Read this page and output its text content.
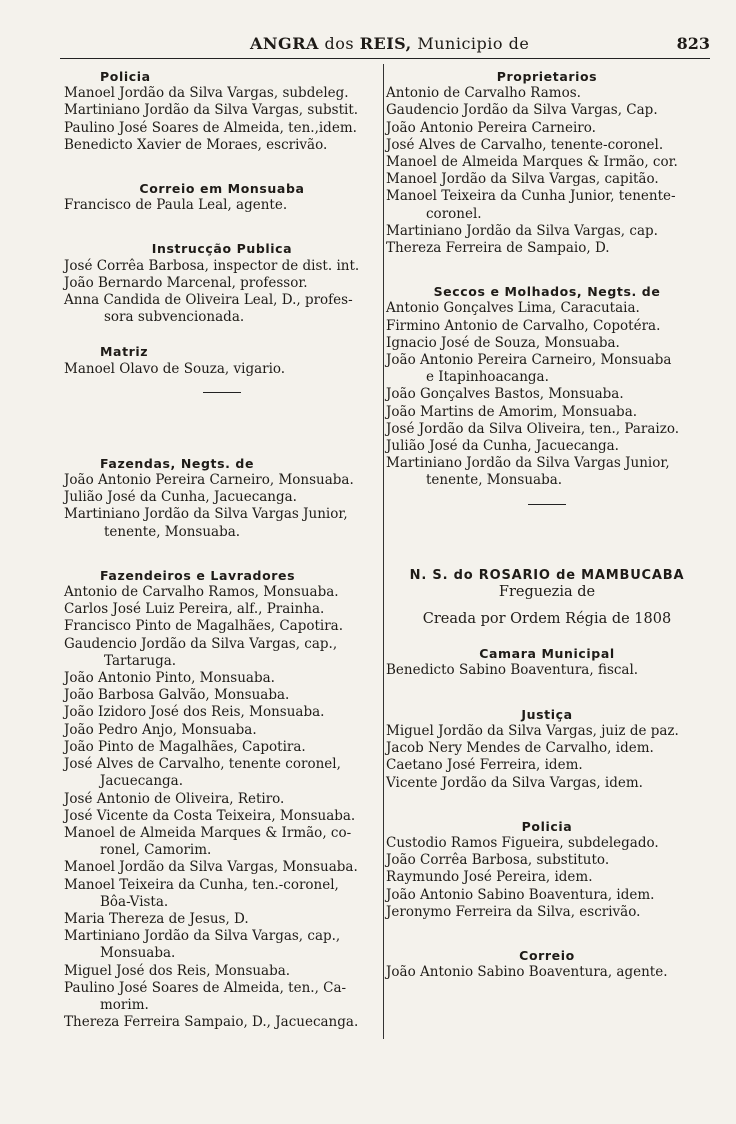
ANGRA dos REIS, Municipio de	823
Policia
Manoel Jordão da Silva Vargas, subdeleg.
Martiniano Jordão da Silva Vargas, substit.
Paulino José Soares de Almeida, ten.,idem.
Benedicto Xavier de Moraes, escrivão.
Correio em Monsuaba
Francisco de Paula Leal, agente.
Instrucção Publica
José Corrêa Barbosa, inspector de dist. int.
João Bernardo Marcenal, professor.
Anna Candida de Oliveira Leal, D., profes-
sora subvencionada.
Matriz
Manoel Olavo de Souza, vigario.
Fazendas, Negts. de
João Antonio Pereira Carneiro, Monsuaba.
Julião José da Cunha, Jacuecanga.
Martiniano Jordão da Silva Vargas Junior,
tenente, Monsuaba.
Fazendeiros e Lavradores
Antonio de Carvalho Ramos, Monsuaba.
Carlos José Luiz Pereira, alf., Prainha.
Francisco Pinto de Magalhães, Capotira.
Gaudencio Jordão da Silva Vargas, cap.,
Tartaruga.
João Antonio Pinto, Monsuaba.
João Barbosa Galvão, Monsuaba.
João Izidoro José dos Reis, Monsuaba.
João Pedro Anjo, Monsuaba.
João Pinto de Magalhães, Capotira.
José Alves de Carvalho, tenente coronel,
Jacuecanga.
José Antonio de Oliveira, Retiro.
José Vicente da Costa Teixeira, Monsuaba.
Manoel de Almeida Marques & Irmão, co-
ronel, Camorim.
Manoel Jordão da Silva Vargas, Monsuaba.
Manoel Teixeira da Cunha, ten.-coronel,
Bôa-Vista.
Maria Thereza de Jesus, D.
Martiniano Jordão da Silva Vargas, cap.,
Monsuaba.
Miguel José dos Reis, Monsuaba.
Paulino José Soares de Almeida, ten., Ca-
morim.
Thereza Ferreira Sampaio, D., Jacuecanga.
Proprietarios
Antonio de Carvalho Ramos.
Gaudencio Jordão da Silva Vargas, Cap.
João Antonio Pereira Carneiro.
José Alves de Carvalho, tenente-coronel.
Manoel de Almeida Marques & Irmão, cor.
Manoel Jordão da Silva Vargas, capitão.
Manoel Teixeira da Cunha Junior, tenente-
coronel.
Martiniano Jordão da Silva Vargas, cap.
Thereza Ferreira de Sampaio, D.
Seccos e Molhados, Negts. de
Antonio Gonçalves Lima, Caracutaia.
Firmino Antonio de Carvalho, Copotéra.
Ignacio José de Souza, Monsuaba.
João Antonio Pereira Carneiro, Monsuaba
e Itapinhoacanga.
João Gonçalves Bastos, Monsuaba.
João Martins de Amorim, Monsuaba.
José Jordão da Silva Oliveira, ten., Paraizo.
Julião José da Cunha, Jacuecanga.
Martiniano Jordão da Silva Vargas Junior,
tenente, Monsuaba.
N. S. do ROSARIO de MAMBUCABA
Freguezia de
Creada por Ordem Régia de 1808
Camara Municipal
Benedicto Sabino Boaventura, fiscal.
Justiça
Miguel Jordão da Silva Vargas, juiz de paz.
Jacob Nery Mendes de Carvalho, idem.
Caetano José Ferreira, idem.
Vicente Jordão da Silva Vargas, idem.
Policia
Custodio Ramos Figueira, subdelegado.
João Corrêa Barbosa, substituto.
Raymundo José Pereira, idem.
João Antonio Sabino Boaventura, idem.
Jeronymo Ferreira da Silva, escrivão.
Correio
João Antonio Sabino Boaventura, agente.
